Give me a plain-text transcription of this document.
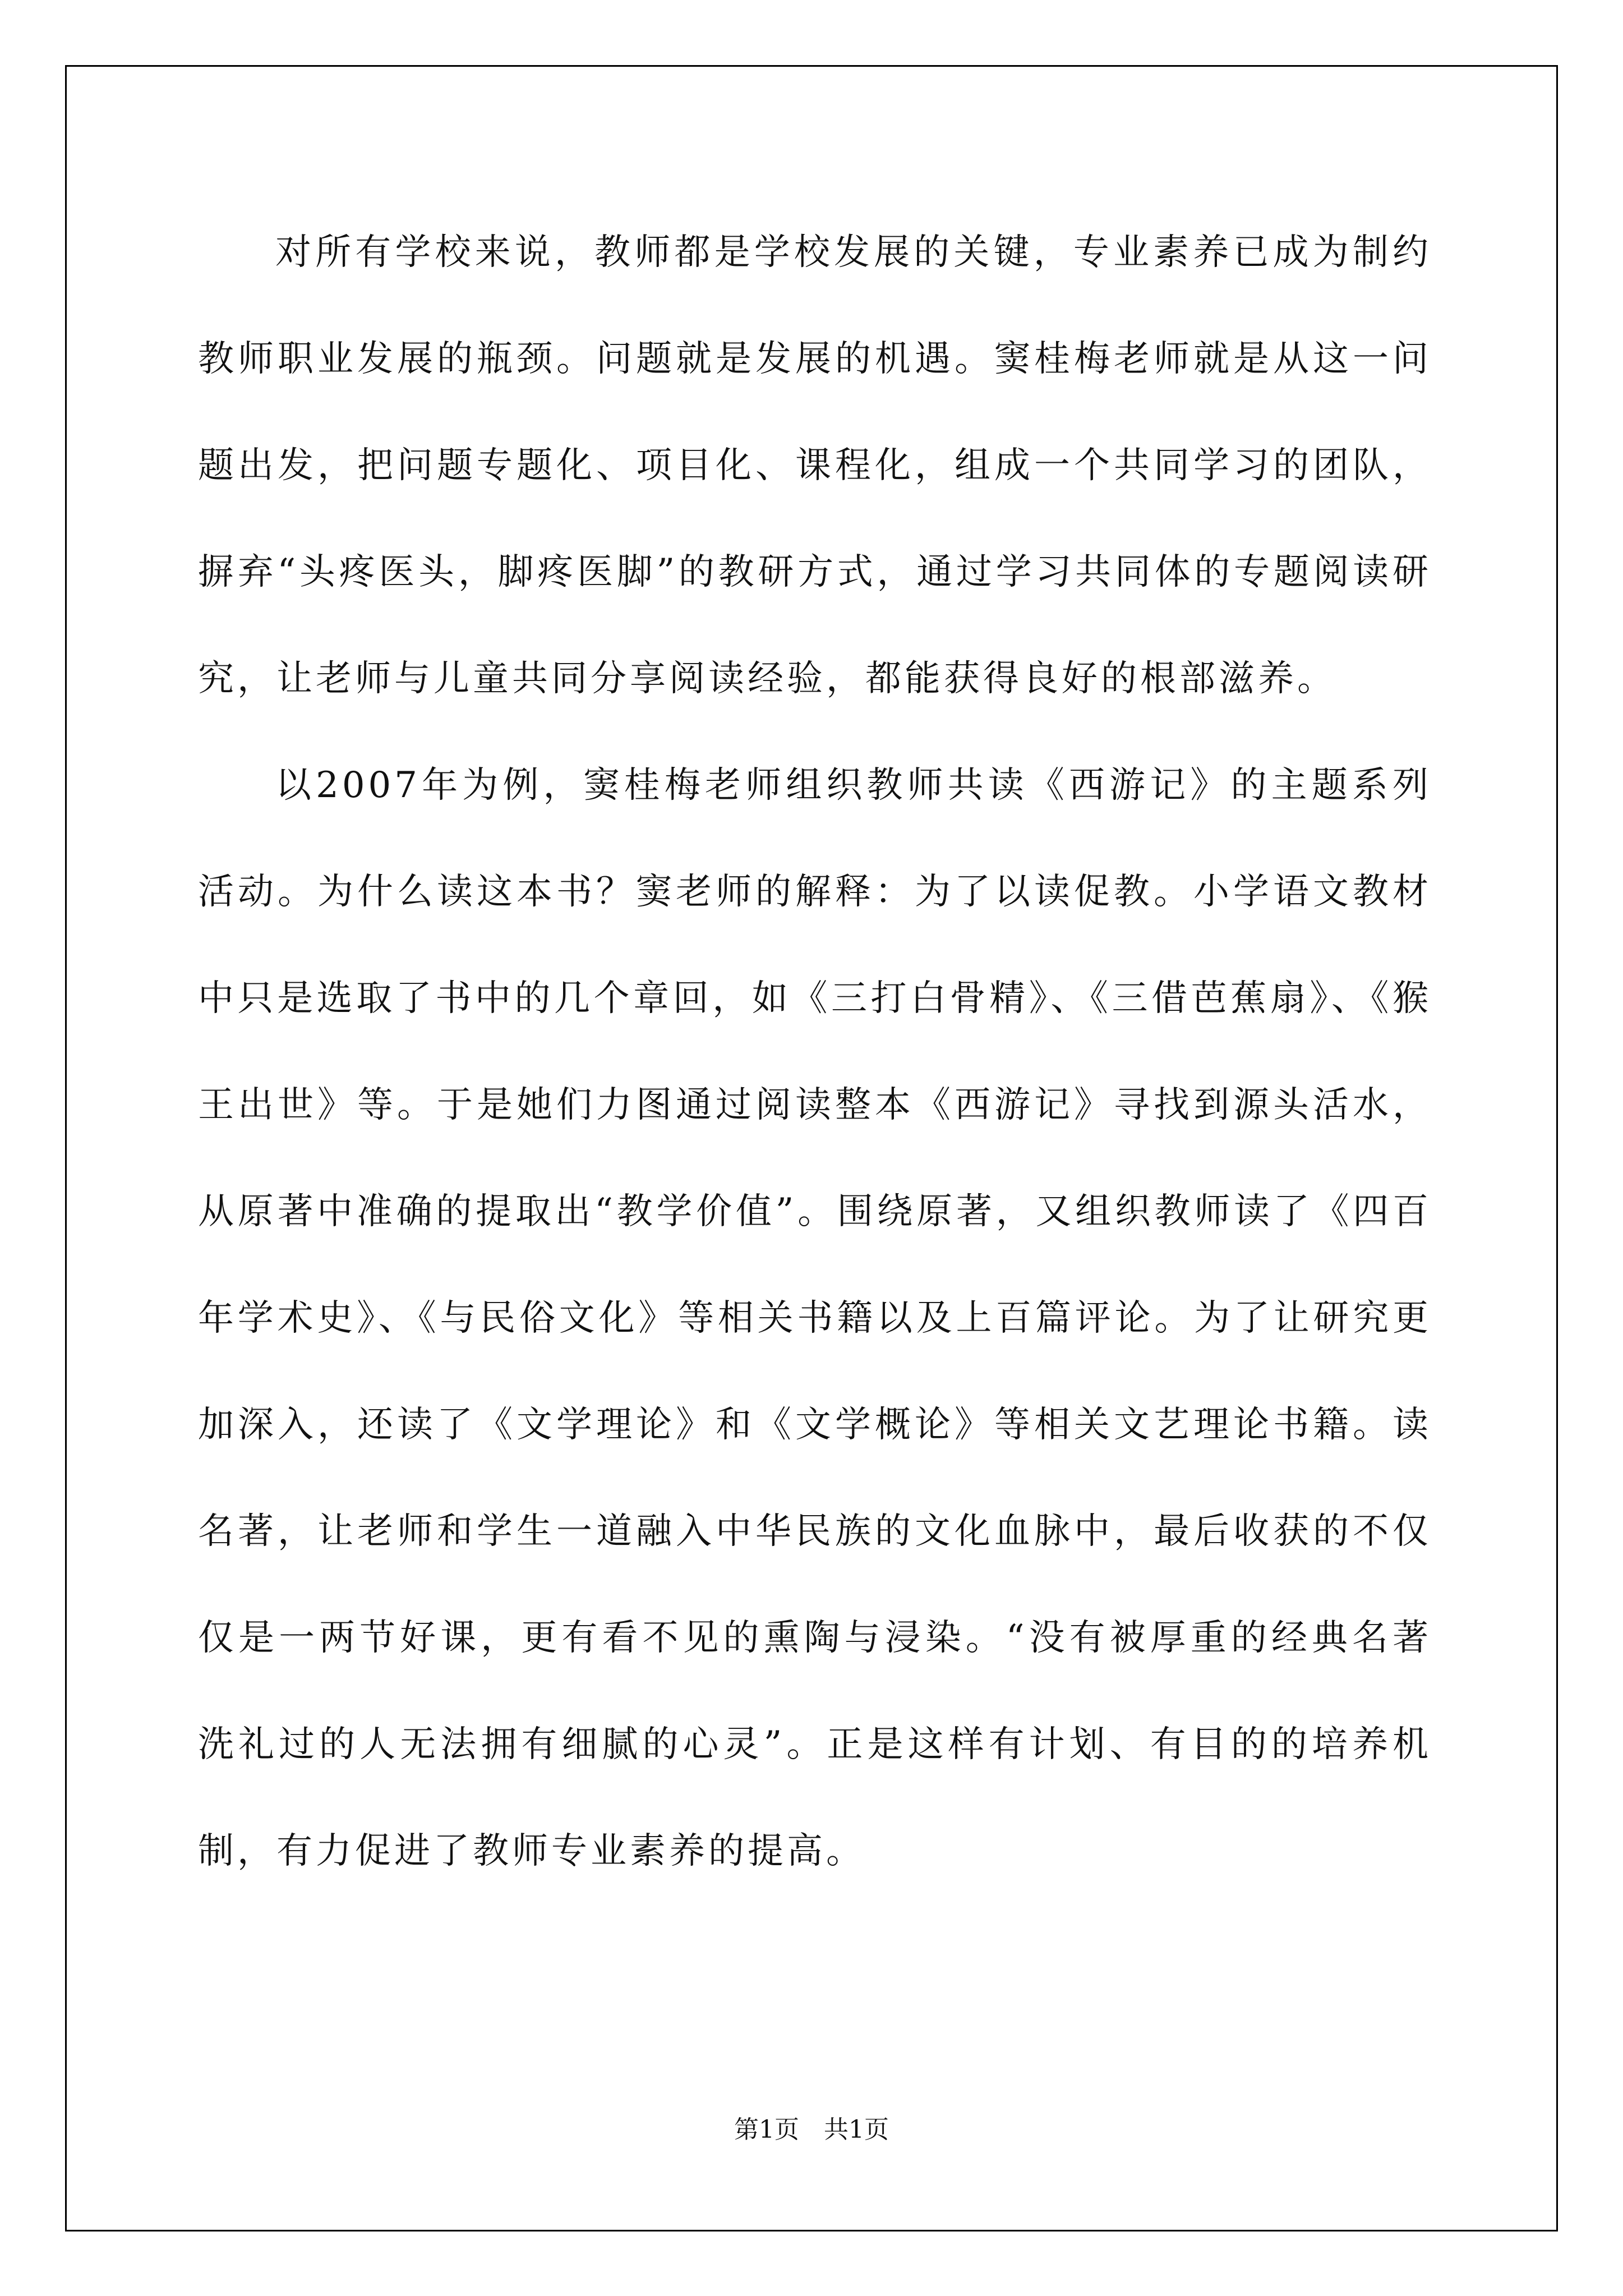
对所有学校来说，教师都是学校发展的关键，专业素养已成为制约教师职业发展的瓶颈。问题就是发展的机遇。窦桂梅老师就是从这一问题出发，把问题专题化、项目化、课程化，组成一个共同学习的团队，摒弃“头疼医头，脚疼医脚”的教研方式，通过学习共同体的专题阅读研究，让老师与儿童共同分享阅读经验，都能获得良好的根部滋养。

以2007年为例，窦桂梅老师组织教师共读《西游记》的主题系列活动。为什么读这本书？窦老师的解释：为了以读促教。小学语文教材中只是选取了书中的几个章回，如《三打白骨精》、《三借芭蕉扇》、《猴王出世》等。于是她们力图通过阅读整本《西游记》寻找到源头活水，从原著中准确的提取出“教学价值”。围绕原著，又组织教师读了《四百年学术史》、《与民俗文化》等相关书籍以及上百篇评论。为了让研究更加深入，还读了《文学理论》和《文学概论》等相关文艺理论书籍。读名著，让老师和学生一道融入中华民族的文化血脉中，最后收获的不仅仅是一两节好课，更有看不见的熏陶与浸染。“没有被厚重的经典名著洗礼过的人无法拥有细腻的心灵”。正是这样有计划、有目的的培养机制，有力促进了教师专业素养的提高。

第1页　共1页
